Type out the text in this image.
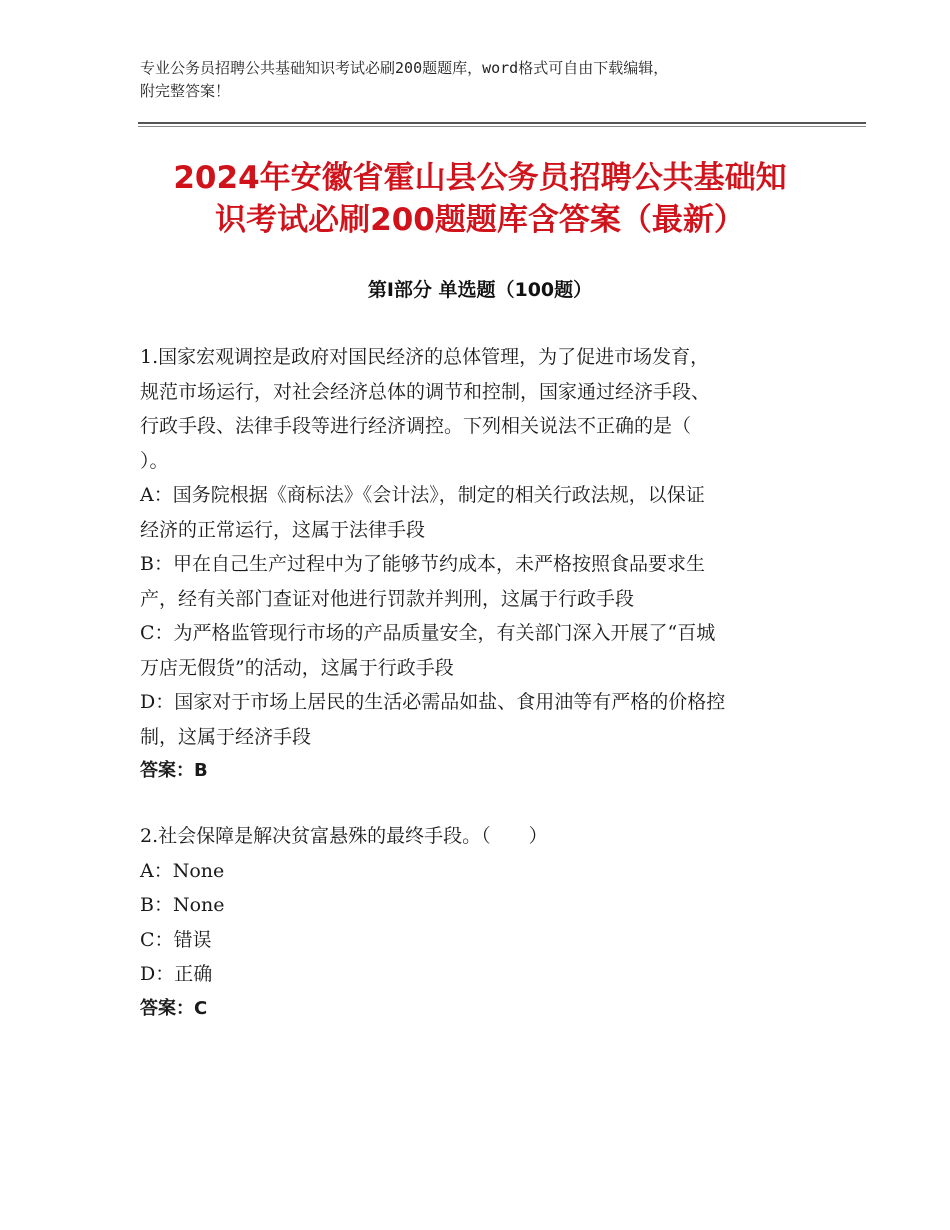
专业公务员招聘公共基础知识考试必刷200题题库，word格式可自由下载编辑，
附完整答案！
2024年安徽省霍山县公务员招聘公共基础知
识考试必刷200题题库含答案（最新）
第Ⅰ部分 单选题（100题）
1.国家宏观调控是政府对国民经济的总体管理，为了促进市场发育，
规范市场运行，对社会经济总体的调节和控制，国家通过经济手段、
行政手段、法律手段等进行经济调控。下列相关说法不正确的是（
）。
A：国务院根据《商标法》《会计法》，制定的相关行政法规，以保证
经济的正常运行，这属于法律手段
B：甲在自己生产过程中为了能够节约成本，未严格按照食品要求生
产，经有关部门查证对他进行罚款并判刑，这属于行政手段
C：为严格监管现行市场的产品质量安全，有关部门深入开展了“百城
万店无假货”的活动，这属于行政手段
D：国家对于市场上居民的生活必需品如盐、食用油等有严格的价格控
制，这属于经济手段
答案：B
2.社会保障是解决贫富悬殊的最终手段。（　　）
A：None
B：None
C：错误
D：正确
答案：C
